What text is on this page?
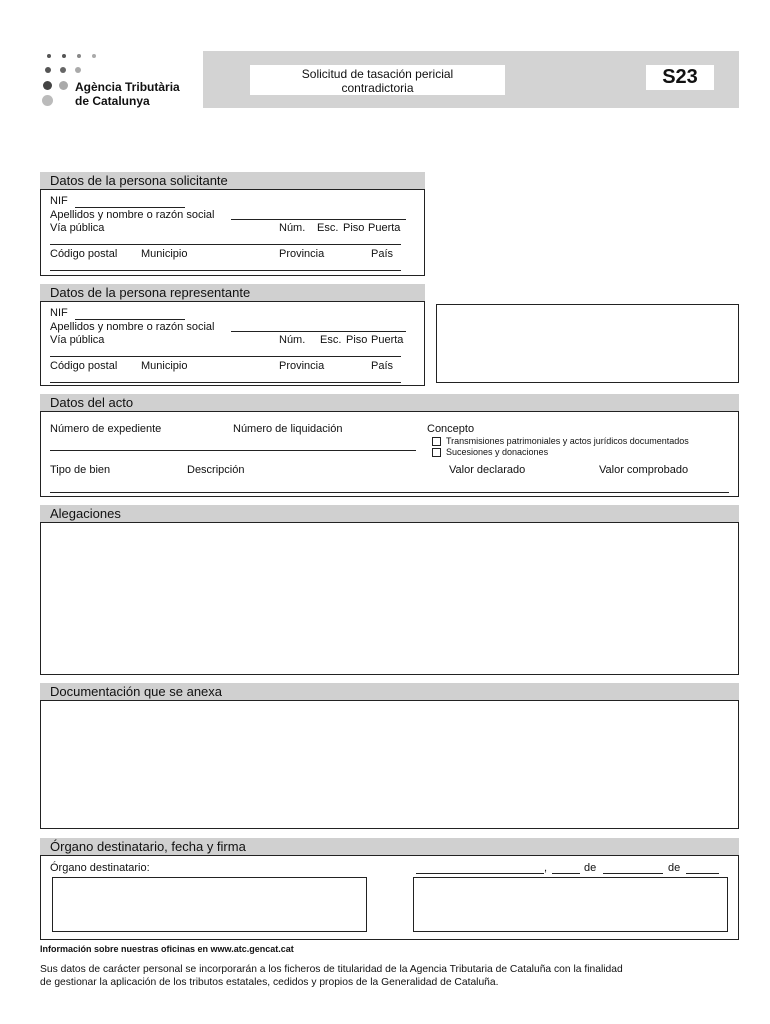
Agència Tributària
de Catalunya
Solicitud de tasación pericial
contradictoria	S23
Datos de la persona solicitante
NIF
Apellidos y nombre o razón social
Vía pública	Núm. Esc. Piso Puerta
Código postal Municipio	Provincia	País
Datos de la persona representante
NIF
Apellidos y nombre o razón social
Vía pública	Núm. Esc. Piso Puerta
Código postal Municipio	Provincia	País
Datos del acto
Número de expediente	Número de liquidación	Concepto
Transmisiones patrimoniales y actos jurídicos documentados
Sucesiones y donaciones
Tipo de bien	Descripción	Valor declarado	Valor comprobado
Alegaciones
Documentación que se anexa
Órgano destinatario, fecha y firma
Órgano destinatario:	,	de	de
Información sobre nuestras oficinas en www.atc.gencat.cat
Sus datos de carácter personal se incorporarán a los ficheros de titularidad de la Agencia Tributaria de Cataluña con la finalidad
de gestionar la aplicación de los tributos estatales, cedidos y propios de la Generalidad de Cataluña.
